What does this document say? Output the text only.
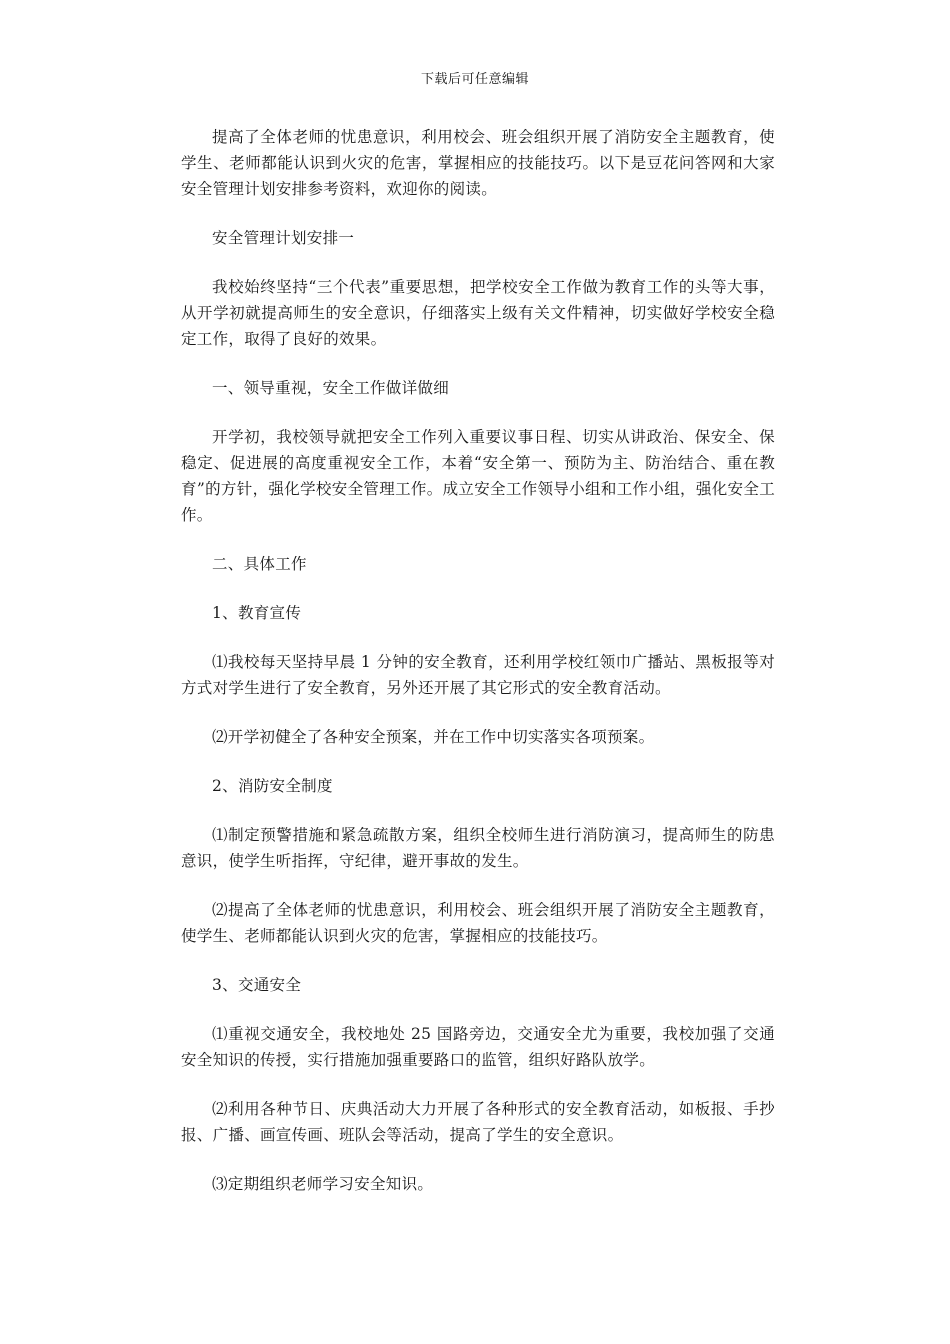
下载后可任意编辑

提高了全体老师的忧患意识，利用校会、班会组织开展了消防安全主题教育，使学生、老师都能认识到火灾的危害，掌握相应的技能技巧。以下是豆花问答网和大家安全管理计划安排参考资料，欢迎你的阅读。

安全管理计划安排一

我校始终坚持“三个代表”重要思想，把学校安全工作做为教育工作的头等大事，从开学初就提高师生的安全意识，仔细落实上级有关文件精神，切实做好学校安全稳定工作，取得了良好的效果。

一、领导重视，安全工作做详做细

开学初，我校领导就把安全工作列入重要议事日程、切实从讲政治、保安全、保稳定、促进展的高度重视安全工作，本着“安全第一、预防为主、防治结合、重在教育”的方针，强化学校安全管理工作。成立安全工作领导小组和工作小组，强化安全工作。

二、具体工作

1、教育宣传

⑴我校每天坚持早晨 1 分钟的安全教育，还利用学校红领巾广播站、黑板报等对方式对学生进行了安全教育，另外还开展了其它形式的安全教育活动。

⑵开学初健全了各种安全预案，并在工作中切实落实各项预案。

2、消防安全制度

⑴制定预警措施和紧急疏散方案，组织全校师生进行消防演习，提高师生的防患意识，使学生听指挥，守纪律，避开事故的发生。

⑵提高了全体老师的忧患意识，利用校会、班会组织开展了消防安全主题教育，使学生、老师都能认识到火灾的危害，掌握相应的技能技巧。

3、交通安全

⑴重视交通安全，我校地处 25 国路旁边，交通安全尤为重要，我校加强了交通安全知识的传授，实行措施加强重要路口的监管，组织好路队放学。

⑵利用各种节日、庆典活动大力开展了各种形式的安全教育活动，如板报、手抄报、广播、画宣传画、班队会等活动，提高了学生的安全意识。

⑶定期组织老师学习安全知识。
